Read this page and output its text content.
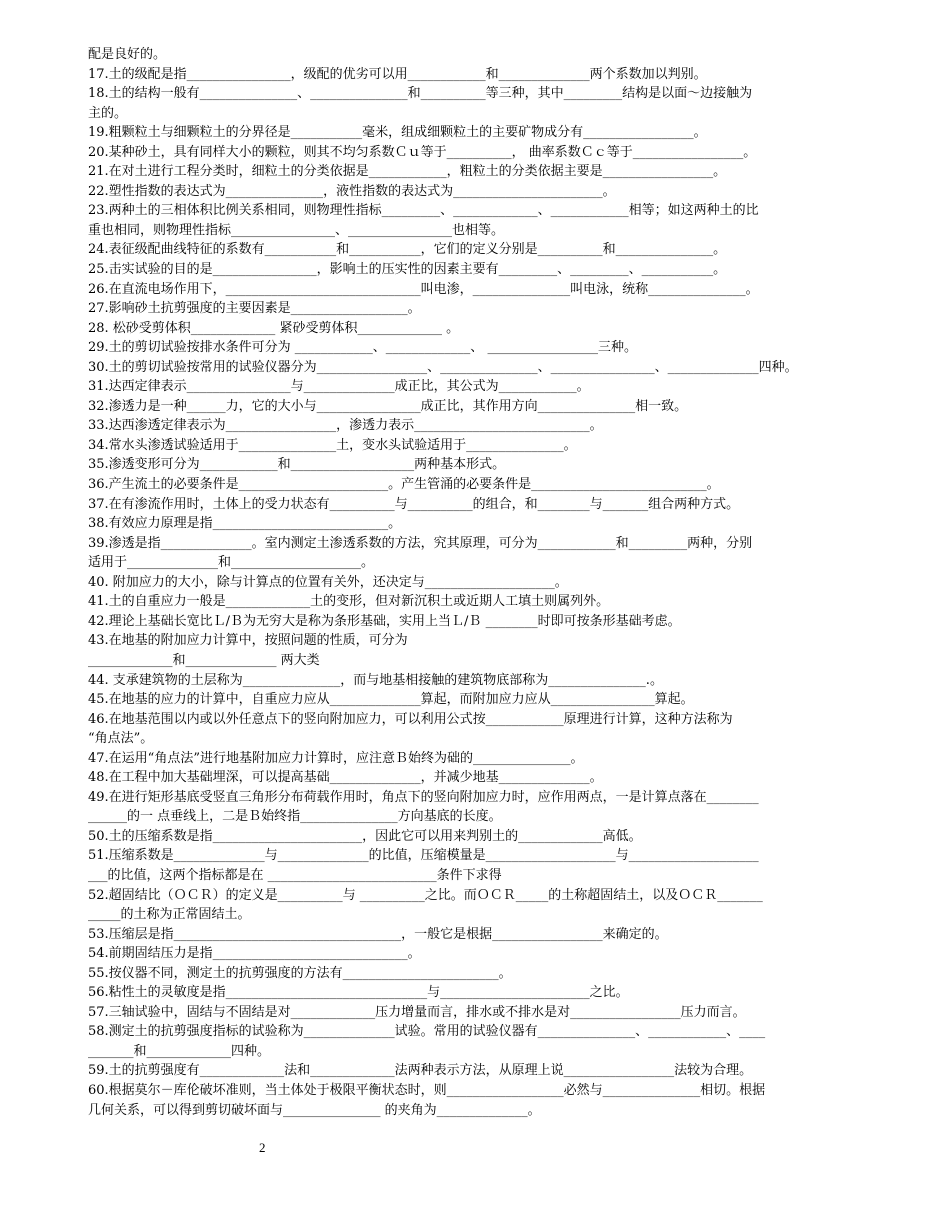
配是良好的。
17.土的级配是指________________，级配的优劣可以用____________和______________两个系数加以判别。
18.土的结构一般有_______________、_______________和__________等三种，其中_________结构是以面～边接触为
主的。
19.粗颗粒土与细颗粒土的分界径是___________毫米，组成细颗粒土的主要矿物成分有_________________。
20.某种砂土，具有同样大小的颗粒，则其不均匀系数Ｃｕ等于__________， 曲率系数Ｃｃ等于_________________。
21.在对土进行工程分类时，细粒土的分类依据是____________，粗粒土的分类依据主要是_________________。
22.塑性指数的表达式为_______________，液性指数的表达式为_______________________。
23.两种土的三相体积比例关系相同，则物理性指标_________、_____________、____________相等；如这两种土的比
重也相同，则物理性指标________________、________________也相等。
24.表征级配曲线特征的系数有___________和___________，它们的定义分别是__________和_______________。
25.击实试验的目的是________________，影响土的压实性的因素主要有_________、_________、___________。
26.在直流电场作用下，______________________________叫电渗，_______________叫电泳，统称_______________。
27.影响砂土抗剪强度的主要因素是__________________。
28. 松砂受剪体积_____________ 紧砂受剪体积_____________ 。
29.土的剪切试验按排水条件可分为 ____________、_____________、 _________________三种。
30.土的剪切试验按常用的试验仪器分为_________________、_______________、________________、______________四种。
31.达西定律表示________________与______________成正比，其公式为____________。
32.渗透力是一种______力，它的大小与________________成正比，其作用方向_______________相一致。
33.达西渗透定律表示为_________________，渗透力表示___________________________。
34.常水头渗透试验适用于_______________土，变水头试验适用于_______________。
35.渗透变形可分为____________和___________________两种基本形式。
36.产生流土的必要条件是_______________________。产生管涌的必要条件是___________________________。
37.在有渗流作用时，土体上的受力状态有__________与__________的组合，和________与_______组合两种方式。
38.有效应力原理是指___________________________。
39.渗透是指______________。室内测定土渗透系数的方法，究其原理，可分为____________和_________两种，分别
适用于______________和____________________。
40. 附加应力的大小，除与计算点的位置有关外，还决定与____________________。
41.土的自重应力一般是_____________土的变形，但对新沉积土或近期人工填土则属列外。
42.理论上基础长宽比Ｌ/Ｂ为无穷大是称为条形基础，实用上当Ｌ/Ｂ ________时即可按条形基础考虑。
43.在地基的附加应力计算中，按照问题的性质，可分为
_____________和______________ 两大类
44. 支承建筑物的土层称为_______________，而与地基相接触的建筑物底部称为_______________.。
45.在地基的应力的计算中，自重应力应从______________算起，而附加应力应从________________算起。
46.在地基范围以内或以外任意点下的竖向附加应力，可以利用公式按____________原理进行计算，这种方法称为
“角点法”。
47.在运用“角点法”进行地基附加应力计算时，应注意Ｂ始终为础的_______________。
48.在工程中加大基础埋深，可以提高基础______________，并减少地基______________。
49.在进行矩形基底受竖直三角形分布荷载作用时，角点下的竖向附加应力时，应作用两点，一是计算点落在________
______的一 点垂线上，二是Ｂ始终指_______________方向基底的长度。
50.土的压缩系数是指_______________________，因此它可以用来判别土的_____________高低。
51.压缩系数是______________与______________的比值，压缩模量是____________________与____________________
___的比值，这两个指标都是在 __________________________条件下求得
52.超固结比（ＯＣＲ）的定义是__________与 __________之比。而ＯＣＲ_____的土称超固结土，以及ＯＣＲ_______
_____的土称为正常固结土。
53.压缩层是指___________________________________，一般它是根据_________________来确定的。
54.前期固结压力是指______________________________。
55.按仪器不同，测定土的抗剪强度的方法有________________________。
56.粘性土的灵敏度是指_______________________________与_______________________之比。
57.三轴试验中，固结与不固结是对_____________压力增量而言，排水或不排水是对_________________压力而言。
58.测定土的抗剪强度指标的试验称为______________试验。常用的试验仪器有_______________、____________、____
_______和_____________四种。
59.土的抗剪强度有_____________法和_____________法两种表示方法，从原理上说_________________法较为合理。
60.根据莫尔－库伦破坏准则，当土体处于极限平衡状态时，则__________________必然与_______________相切。根据
几何关系，可以得到剪切破坏面与_______________ 的夹角为______________。
2
